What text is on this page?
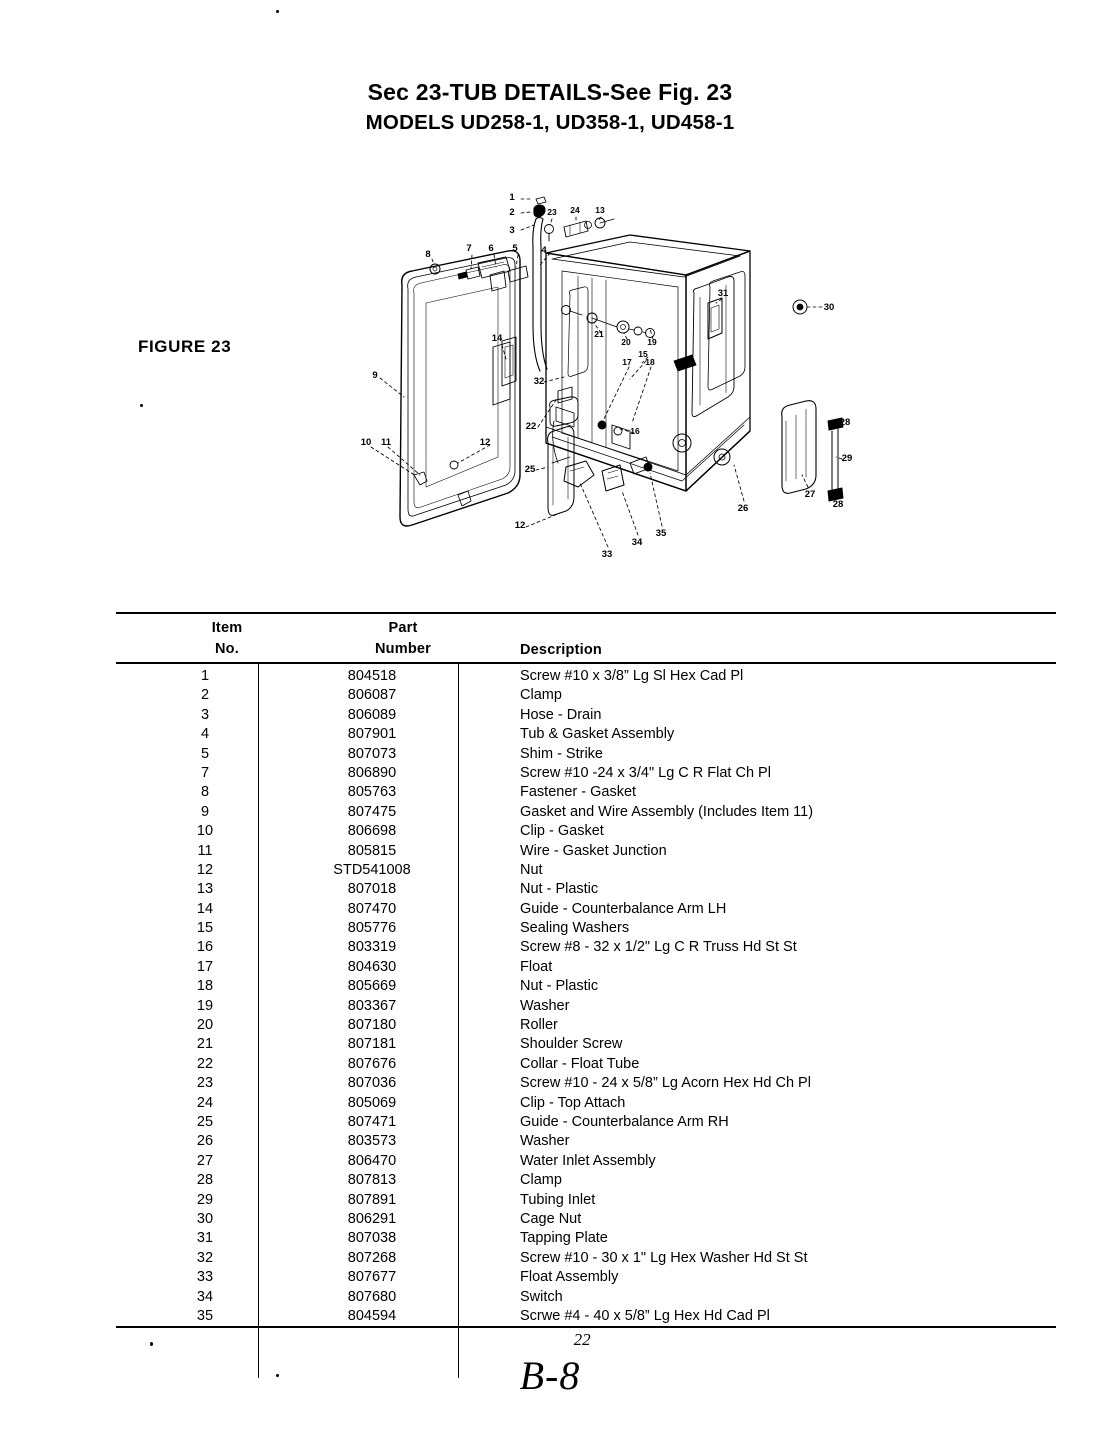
Sec 23-TUB DETAILS-See Fig. 23
MODELS UD258-1, UD358-1, UD458-1
FIGURE 23
1
2
3
4
5
6
7
8
9
10 11	12
12
13
14
15
16
17 18
19
20
21
22
23 24
25
26
27
28
28
29
30
31
32
33
34
35
Item
No.
Part
Number	Description
1	804518	Screw #10 x 3/8” Lg Sl Hex Cad Pl
2	806087	Clamp
3	806089	Hose - Drain
4	807901	Tub & Gasket Assembly
5	807073	Shim - Strike
7	806890	Screw #10 -24 x 3/4" Lg C R Flat Ch Pl
8	805763	Fastener - Gasket
9	807475	Gasket and Wire Assembly (Includes Item 11)
10	806698	Clip - Gasket
11	805815	Wire - Gasket Junction
12	STD541008	Nut
13	807018	Nut - Plastic
14	807470	Guide - Counterbalance Arm LH
15	805776	Sealing Washers
16	803319	Screw #8 - 32 x 1/2" Lg C R Truss Hd St St
17	804630	Float
18	805669	Nut - Plastic
19	803367	Washer
20	807180	Roller
21	807181	Shoulder Screw
22	807676	Collar - Float Tube
23	807036	Screw #10 - 24 x 5/8” Lg Acorn Hex Hd Ch Pl
24	805069	Clip - Top Attach
25	807471	Guide - Counterbalance Arm RH
26	803573	Washer
27	806470	Water Inlet Assembly
28	807813	Clamp
29	807891	Tubing Inlet
30	806291	Cage Nut
31	807038	Tapping Plate
32	807268	Screw #10 - 30 x 1" Lg Hex Washer Hd St St
33	807677	Float Assembly
34	807680	Switch
35	804594	Scrwe #4 - 40 x 5/8” Lg Hex Hd Cad Pl
22
B-8
